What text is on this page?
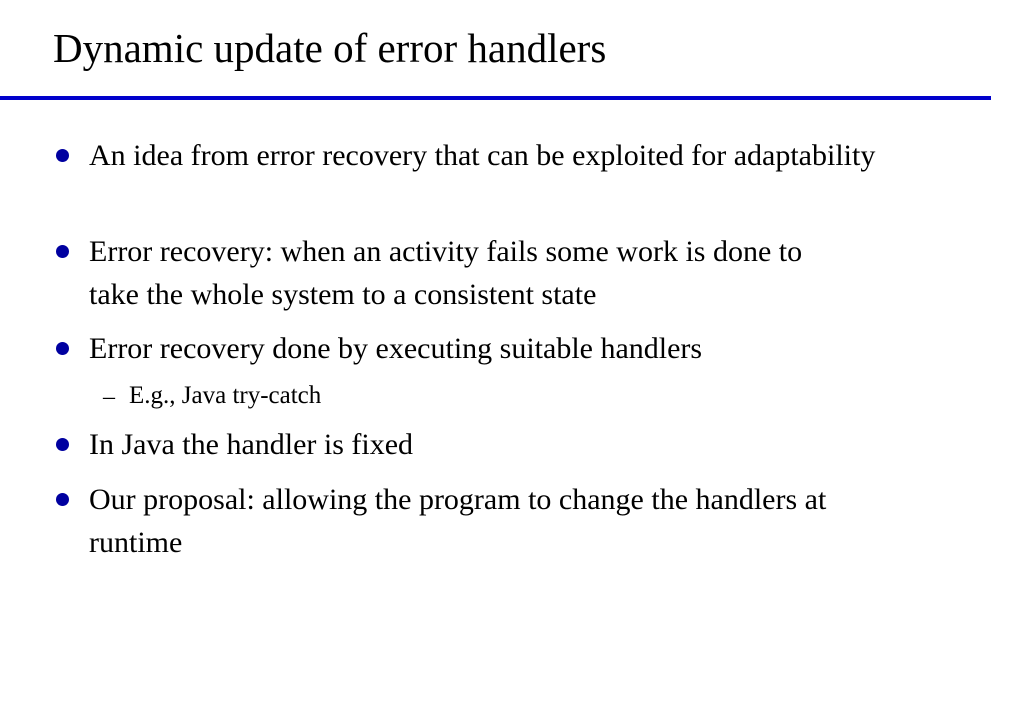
Dynamic update of error handlers
An idea from error recovery that can be exploited for adaptability
Error recovery: when an activity fails some work is done to take the whole system to a consistent state
Error recovery done by executing suitable handlers
– E.g., Java try-catch
In Java the handler is fixed
Our proposal: allowing the program to change the handlers at runtime
